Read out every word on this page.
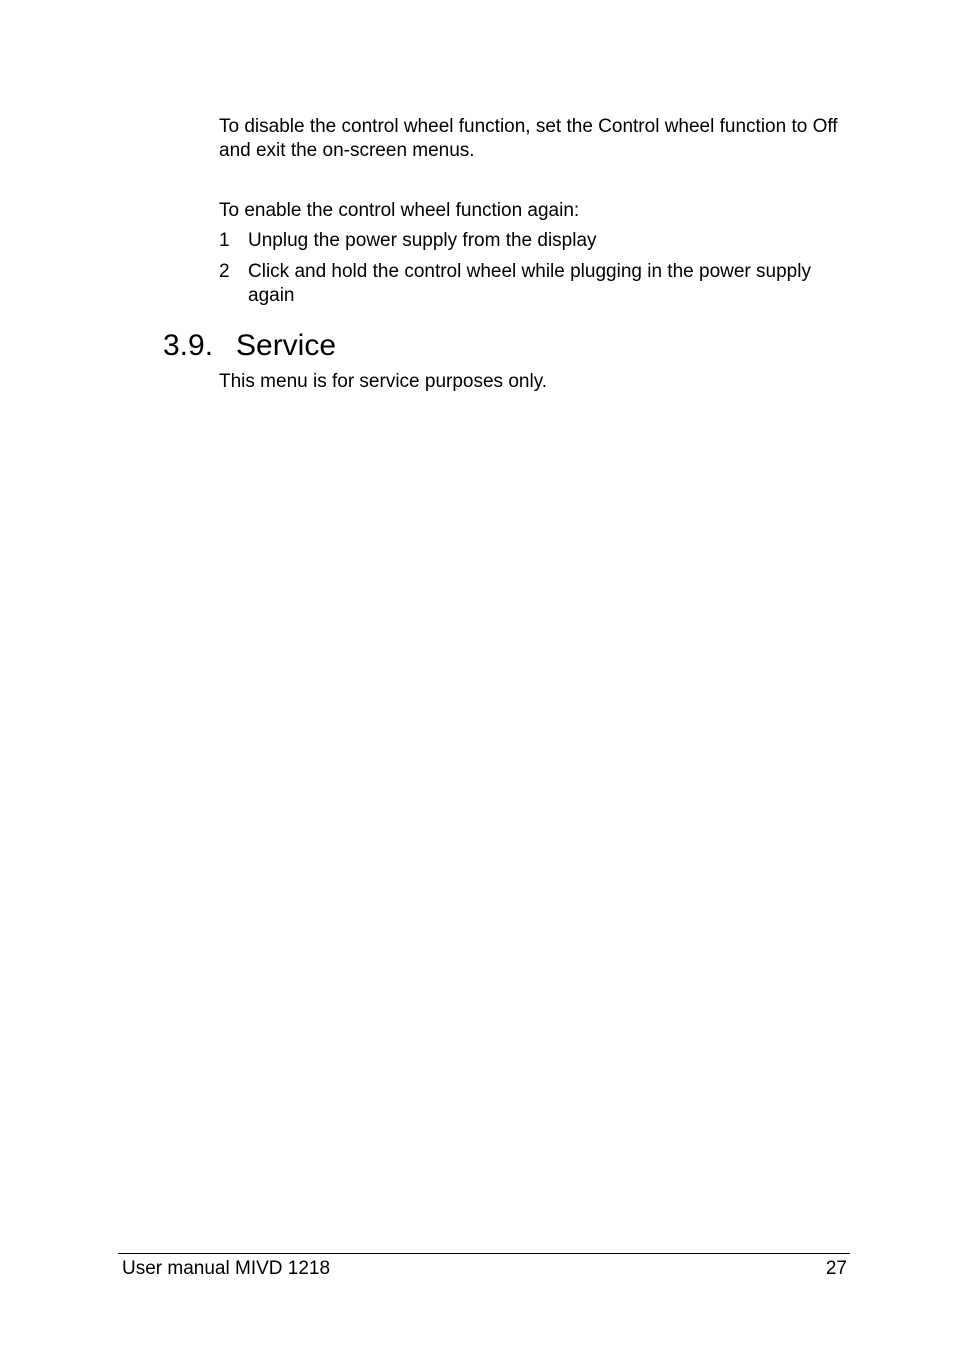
To disable the control wheel function, set the Control wheel function to Off and exit the on-screen menus.

To enable the control wheel function again:

1 Unplug the power supply from the display
2 Click and hold the control wheel while plugging in the power supply again
3.9. Service

This menu is for service purposes only.

User manual MIVD 1218	27
